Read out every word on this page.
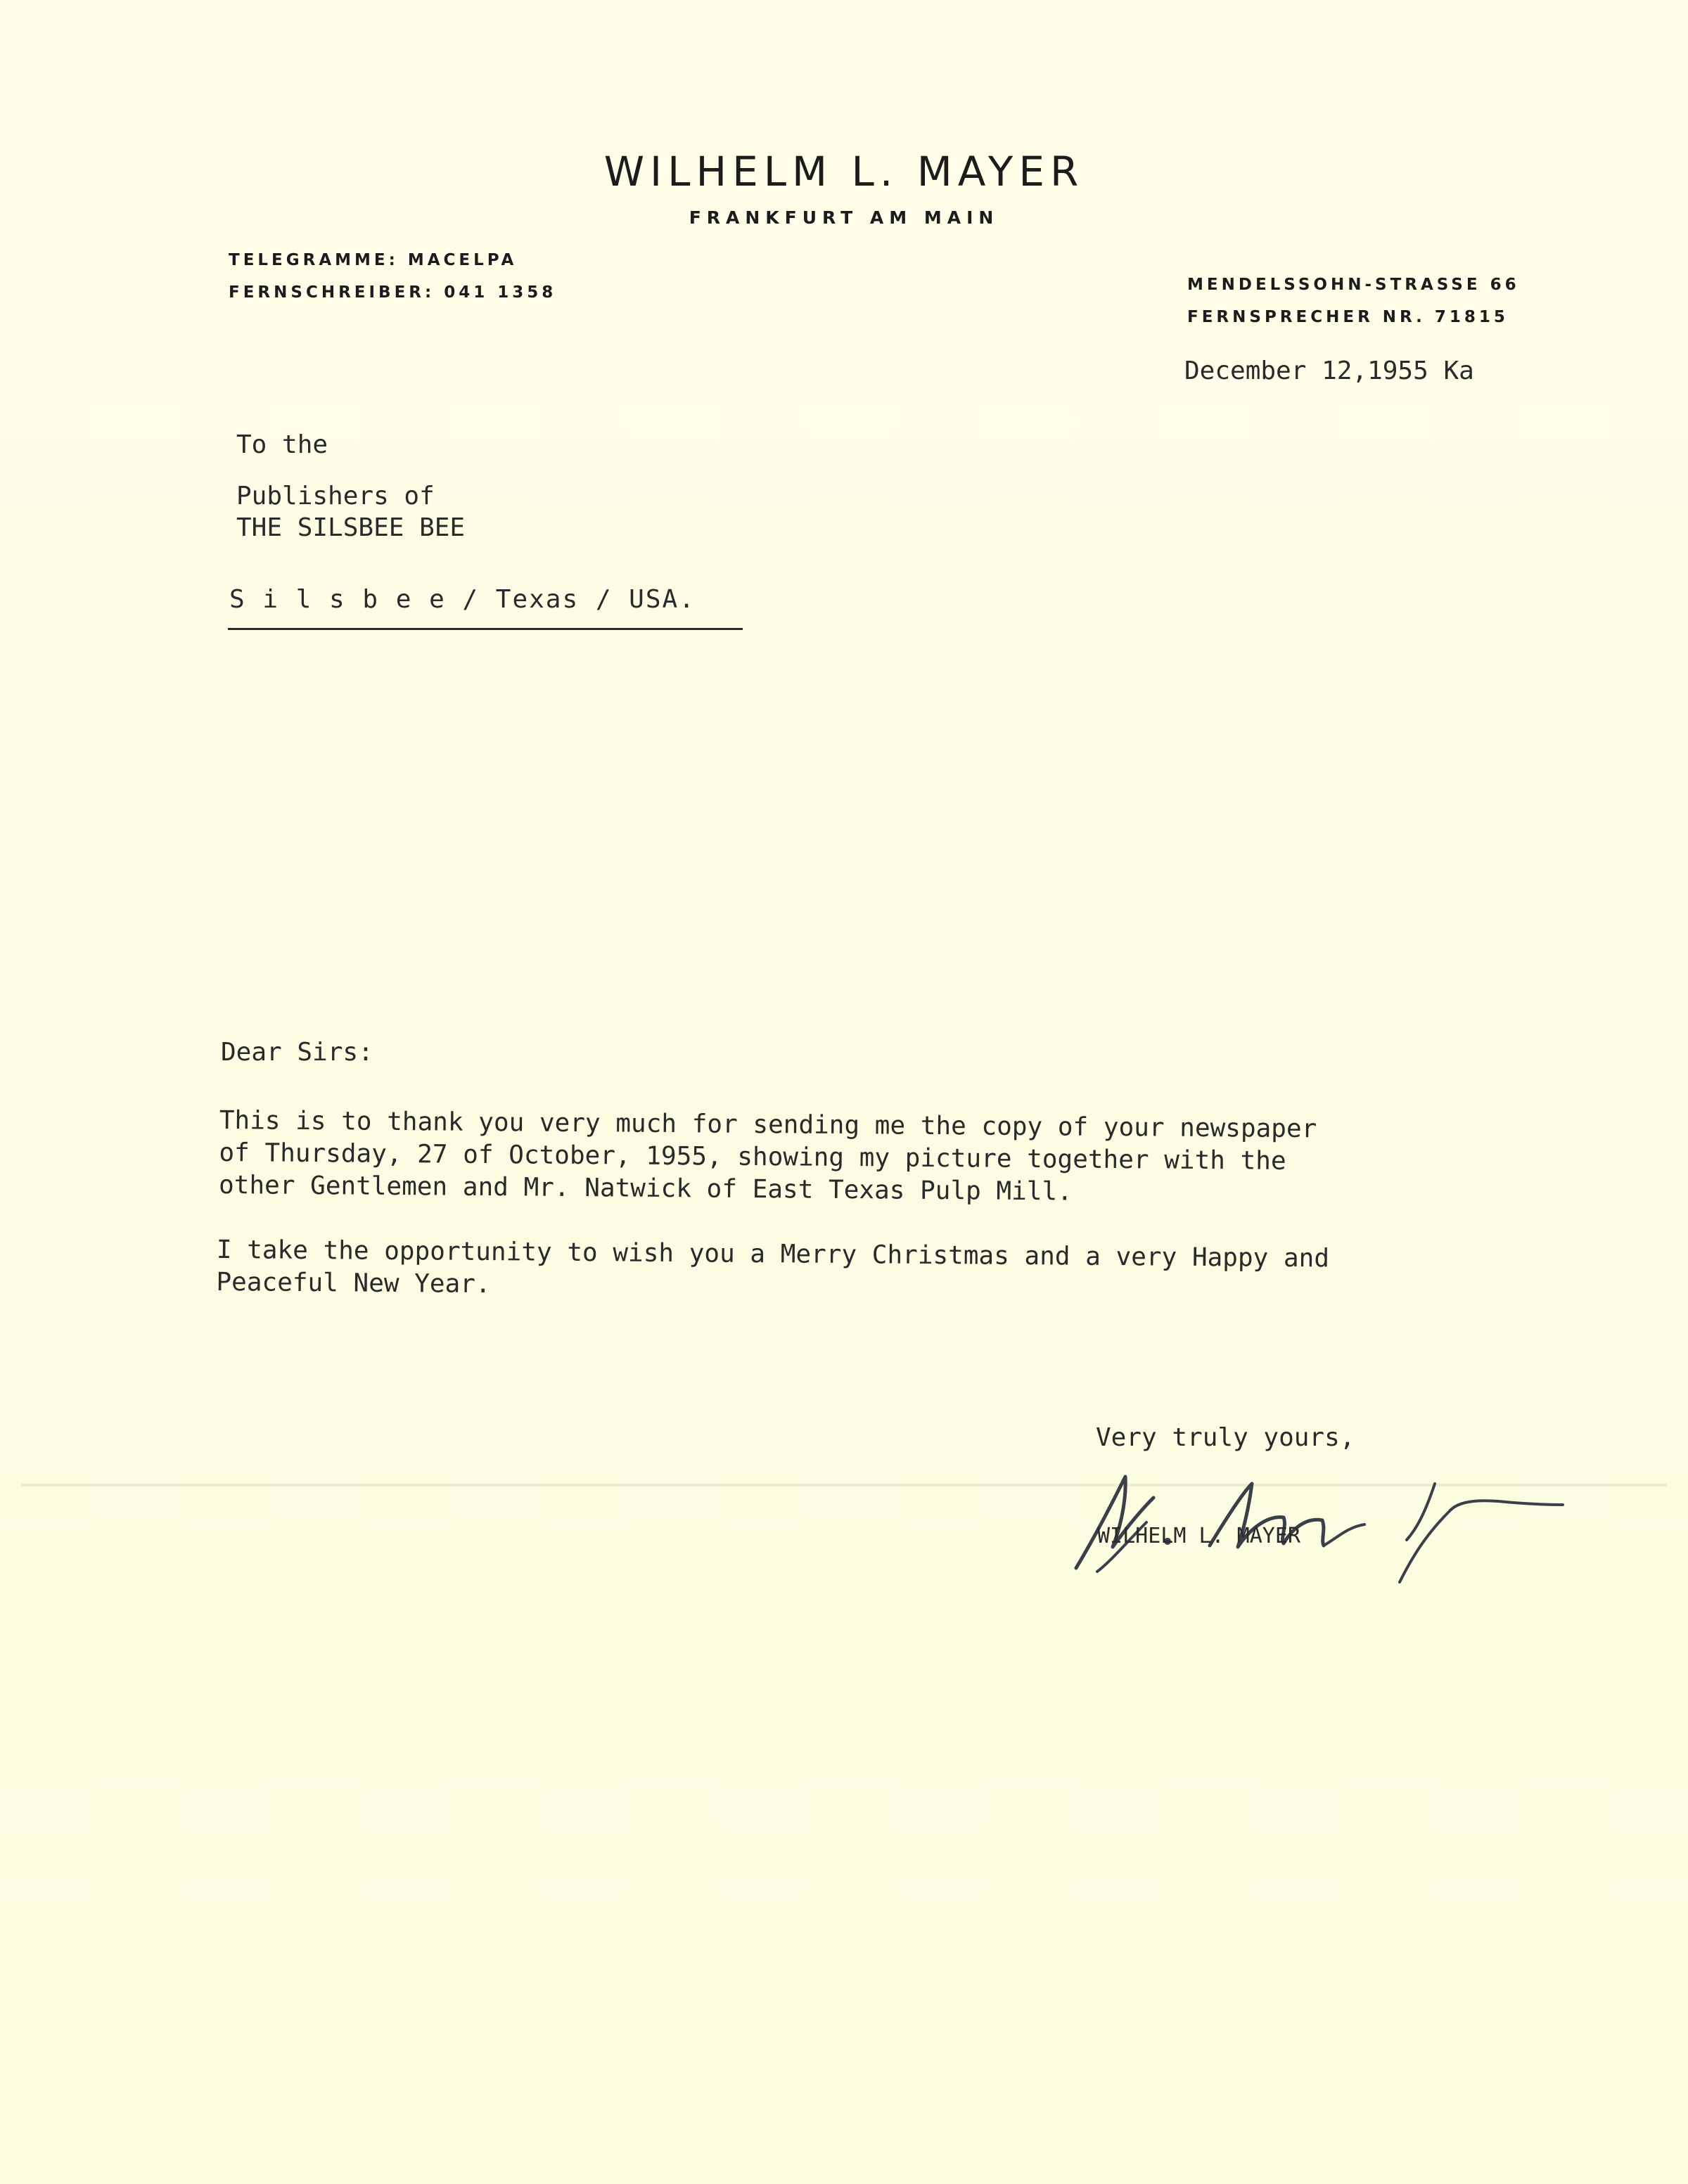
WILHELM L. MAYER
FRANKFURT AM MAIN
TELEGRAMME: MACELPA
FERNSCHREIBER: 041 1358	MENDELSSOHN-STRASSE 66
FERNSPRECHER NR. 71815
December 12,1955 Ka
To the
Publishers of
THE SILSBEE BEE
S i l s b e e / Texas / USA.
Dear Sirs:
This is to thank you very much for sending me the copy of your newspaper
of Thursday, 27 of October, 1955, showing my picture together with the
other Gentlemen and Mr. Natwick of East Texas Pulp Mill.
I take the opportunity to wish you a Merry Christmas and a very Happy and
Peaceful New Year.
Very truly yours,
WILHELM L. MAYER
